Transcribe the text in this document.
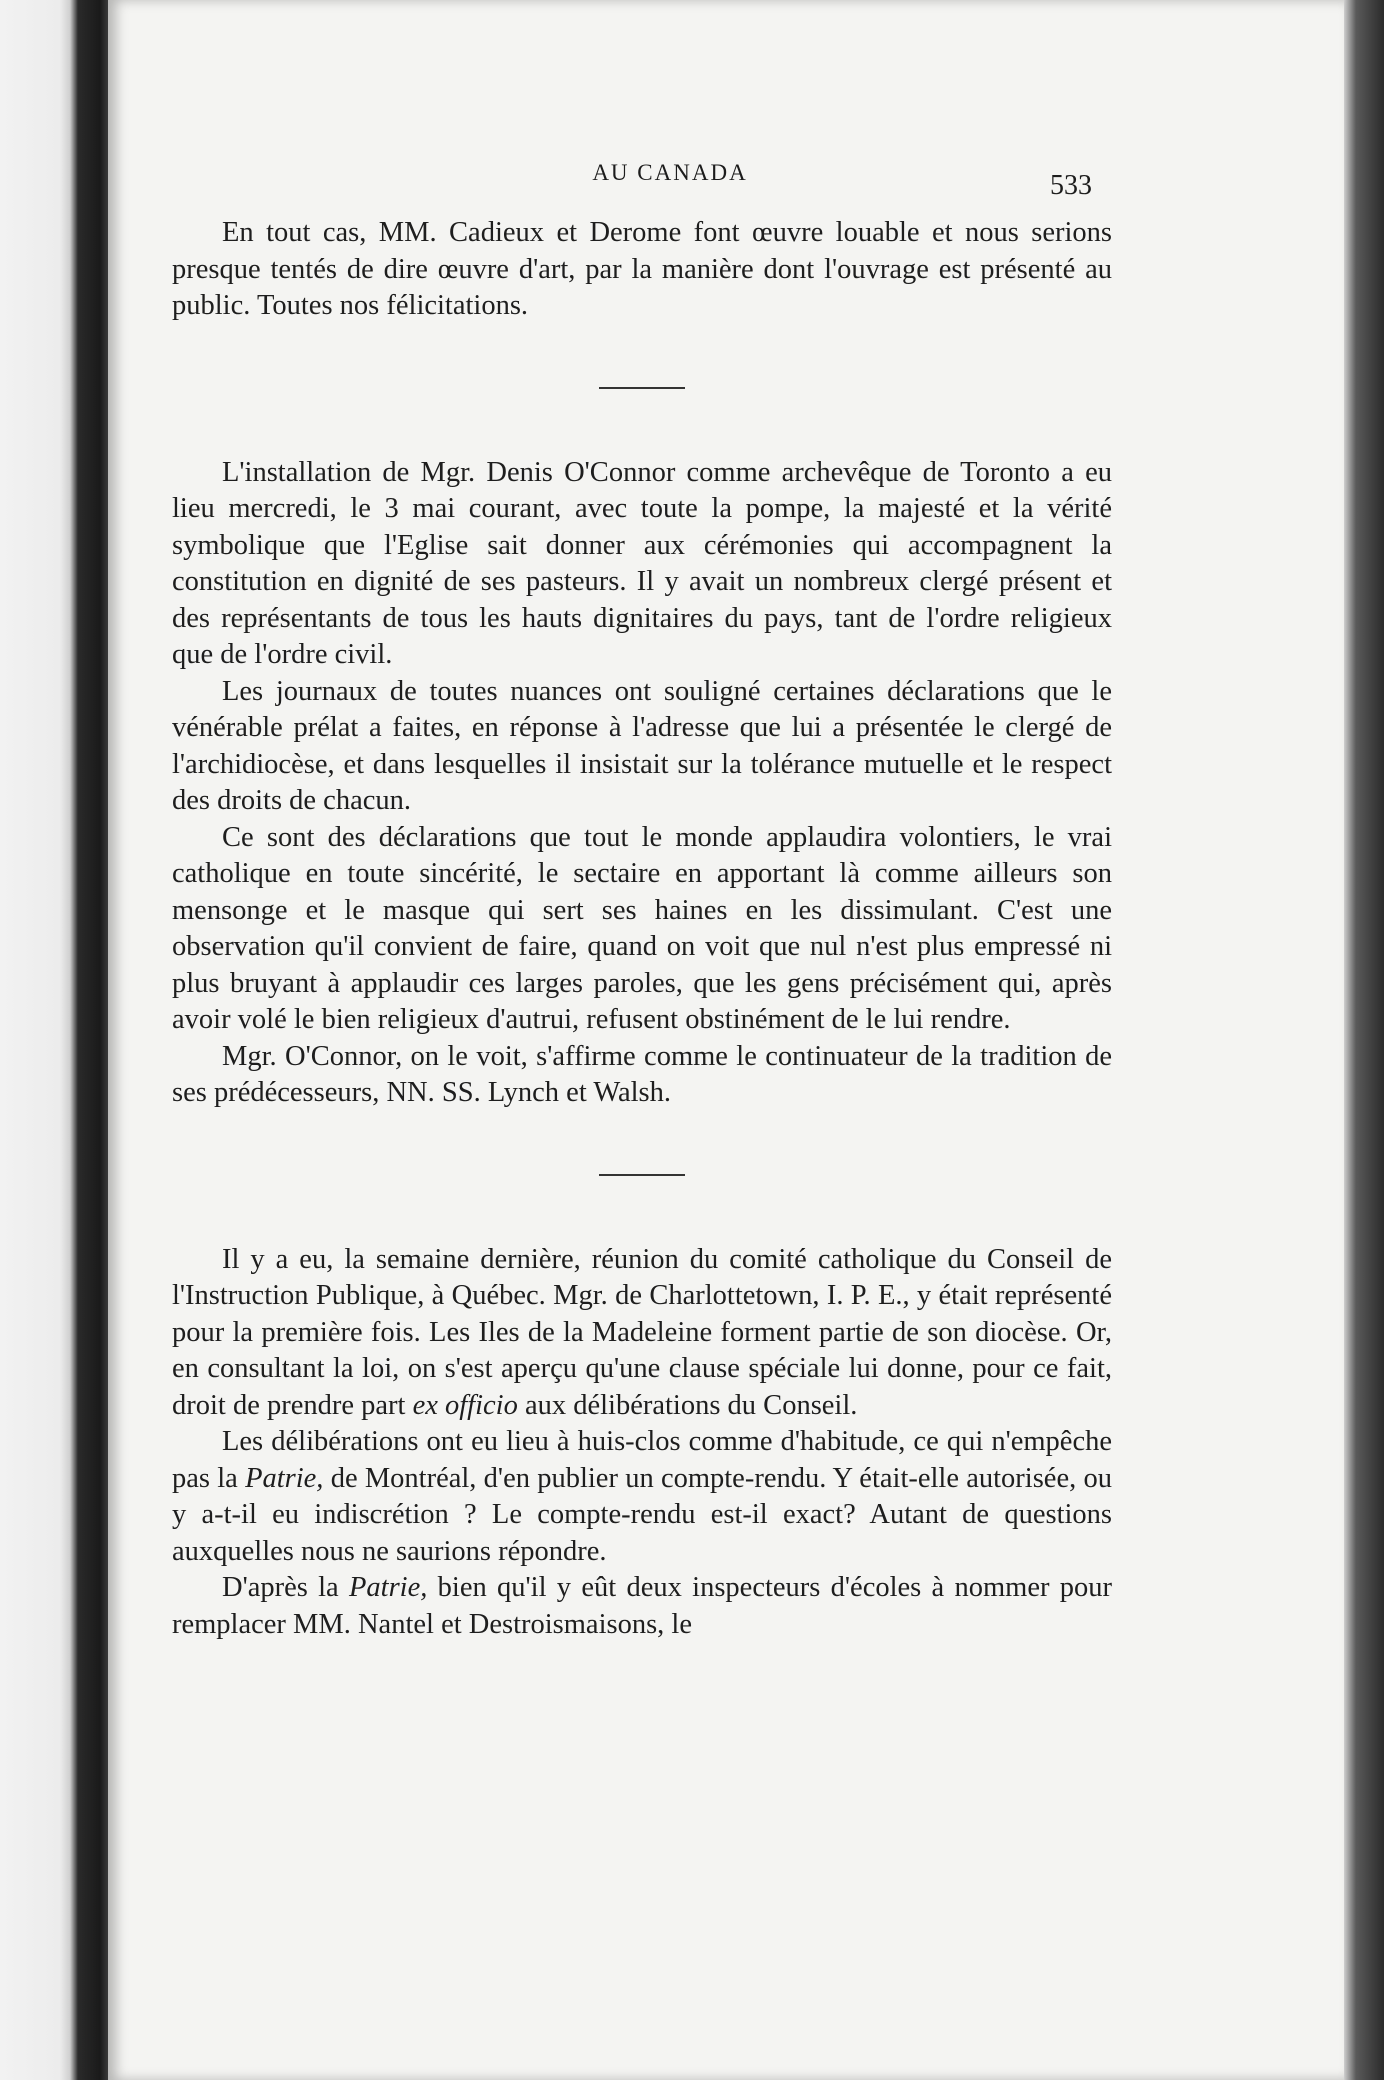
AU CANADA	533

En tout cas, MM. Cadieux et Derome font œuvre louable et nous serions presque tentés de dire œuvre d'art, par la manière dont l'ouvrage est présenté au public. Toutes nos félicitations.

L'installation de Mgr. Denis O'Connor comme archevêque de Toronto a eu lieu mercredi, le 3 mai courant, avec toute la pompe, la majesté et la vérité symbolique que l'Eglise sait donner aux cérémonies qui accompagnent la constitution en dignité de ses pasteurs. Il y avait un nombreux clergé présent et des représentants de tous les hauts dignitaires du pays, tant de l'ordre religieux que de l'ordre civil.

Les journaux de toutes nuances ont souligné certaines déclarations que le vénérable prélat a faites, en réponse à l'adresse que lui a présentée le clergé de l'archidiocèse, et dans lesquelles il insistait sur la tolérance mutuelle et le respect des droits de chacun.

Ce sont des déclarations que tout le monde applaudira volontiers, le vrai catholique en toute sincérité, le sectaire en apportant là comme ailleurs son mensonge et le masque qui sert ses haines en les dissimulant. C'est une observation qu'il convient de faire, quand on voit que nul n'est plus empressé ni plus bruyant à applaudir ces larges paroles, que les gens précisément qui, après avoir volé le bien religieux d'autrui, refusent obstinément de le lui rendre.

Mgr. O'Connor, on le voit, s'affirme comme le continuateur de la tradition de ses prédécesseurs, NN. SS. Lynch et Walsh.

Il y a eu, la semaine dernière, réunion du comité catholique du Conseil de l'Instruction Publique, à Québec. Mgr. de Charlottetown, I. P. E., y était représenté pour la première fois. Les Iles de la Madeleine forment partie de son diocèse. Or, en consultant la loi, on s'est aperçu qu'une clause spéciale lui donne, pour ce fait, droit de prendre part ex officio aux délibérations du Conseil.

Les délibérations ont eu lieu à huis-clos comme d'habitude, ce qui n'empêche pas la Patrie, de Montréal, d'en publier un compte-rendu. Y était-elle autorisée, ou y a-t-il eu indiscrétion ? Le compte-rendu est-il exact? Autant de questions auxquelles nous ne saurions répondre.

D'après la Patrie, bien qu'il y eût deux inspecteurs d'écoles à nommer pour remplacer MM. Nantel et Destroismaisons, le
